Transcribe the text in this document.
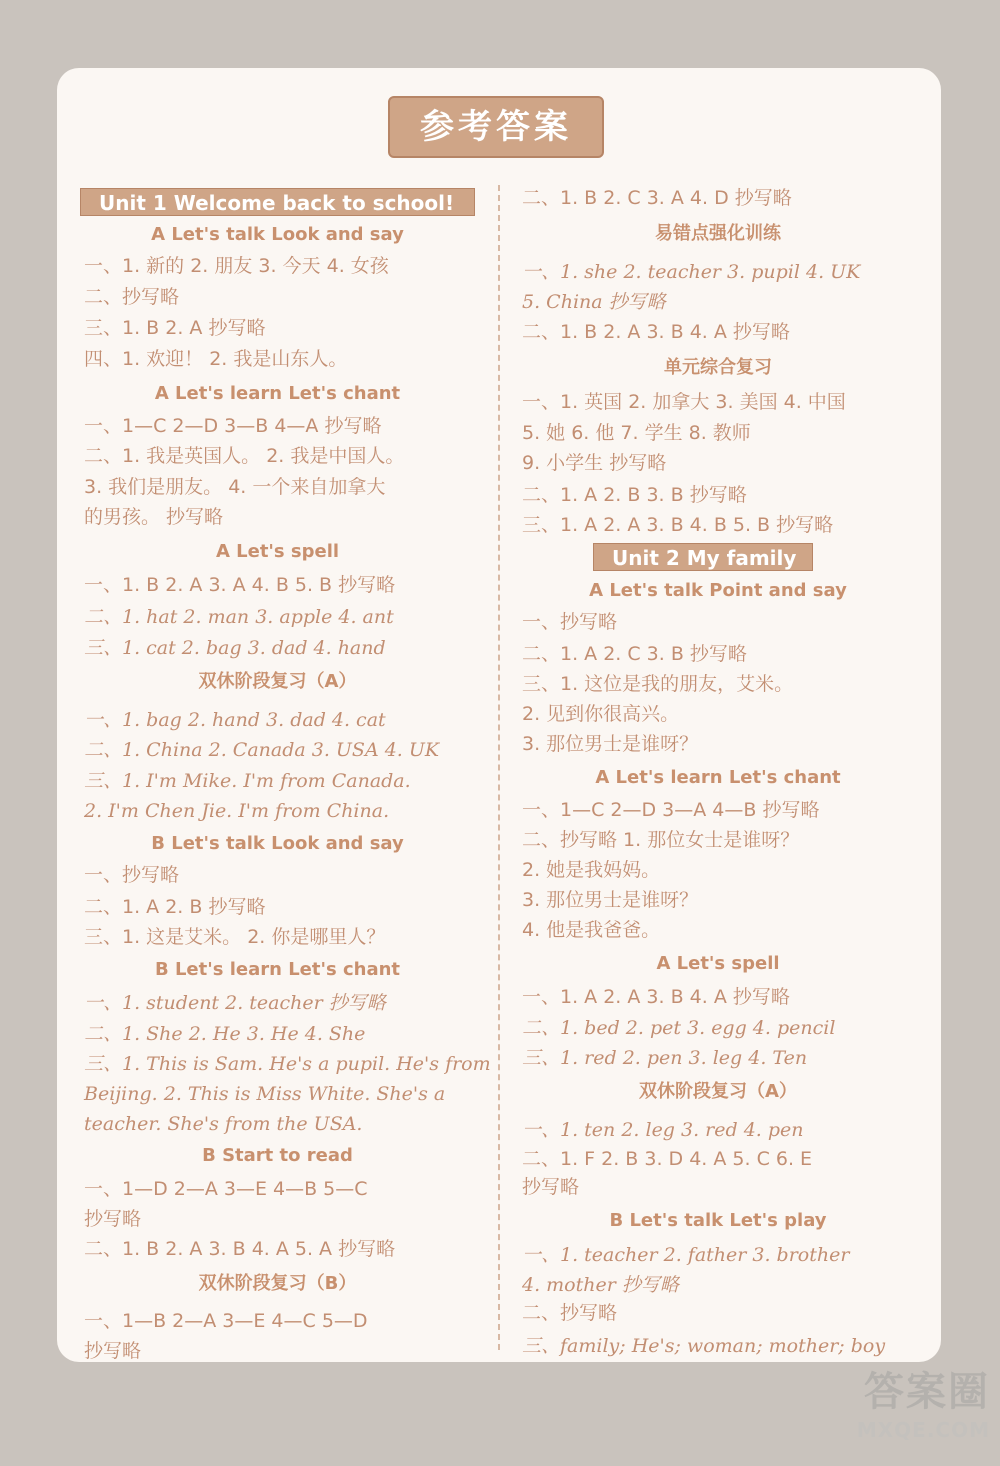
参考答案
Unit 1 Welcome back to school!
A Let's talk Look and say
一、1. 新的 2. 朋友 3. 今天 4. 女孩
二、抄写略
三、1. B 2. A 抄写略
四、1. 欢迎！ 2. 我是山东人。
A Let's learn Let's chant
一、1—C 2—D 3—B 4—A 抄写略
二、1. 我是英国人。 2. 我是中国人。
3. 我们是朋友。 4. 一个来自加拿大
的男孩。 抄写略
A Let's spell
一、1. B 2. A 3. A 4. B 5. B 抄写略
二、1. hat 2. man 3. apple 4. ant
三、1. cat 2. bag 3. dad 4. hand
双休阶段复习（A）
一、1. bag 2. hand 3. dad 4. cat
二、1. China 2. Canada 3. USA 4. UK
三、1. I'm Mike. I'm from Canada.
2. I'm Chen Jie. I'm from China.
B Let's talk Look and say
一、抄写略
二、1. A 2. B 抄写略
三、1. 这是艾米。 2. 你是哪里人？
B Let's learn Let's chant
一、1. student 2. teacher 抄写略
二、1. She 2. He 3. He 4. She
三、1. This is Sam. He's a pupil. He's from
Beijing. 2. This is Miss White. She's a
teacher. She's from the USA.
B Start to read
一、1—D 2—A 3—E 4—B 5—C
抄写略
二、1. B 2. A 3. B 4. A 5. A 抄写略
双休阶段复习（B）
一、1—B 2—A 3—E 4—C 5—D
抄写略
二、1. B 2. C 3. A 4. D 抄写略
易错点强化训练
一、1. she 2. teacher 3. pupil 4. UK
5. China 抄写略
二、1. B 2. A 3. B 4. A 抄写略
单元综合复习
一、1. 英国 2. 加拿大 3. 美国 4. 中国
5. 她 6. 他 7. 学生 8. 教师
9. 小学生 抄写略
二、1. A 2. B 3. B 抄写略
三、1. A 2. A 3. B 4. B 5. B 抄写略
Unit 2 My family
A Let's talk Point and say
一、抄写略
二、1. A 2. C 3. B 抄写略
三、1. 这位是我的朋友，艾米。
2. 见到你很高兴。
3. 那位男士是谁呀？
A Let's learn Let's chant
一、1—C 2—D 3—A 4—B 抄写略
二、抄写略 1. 那位女士是谁呀？
2. 她是我妈妈。
3. 那位男士是谁呀？
4. 他是我爸爸。
A Let's spell
一、1. A 2. A 3. B 4. A 抄写略
二、1. bed 2. pet 3. egg 4. pencil
三、1. red 2. pen 3. leg 4. Ten
双休阶段复习（A）
一、1. ten 2. leg 3. red 4. pen
二、1. F 2. B 3. D 4. A 5. C 6. E
抄写略
B Let's talk Let's play
一、1. teacher 2. father 3. brother
4. mother 抄写略
二、抄写略
三、family; He's; woman; mother; boy
答案圈
MXQE.COM
